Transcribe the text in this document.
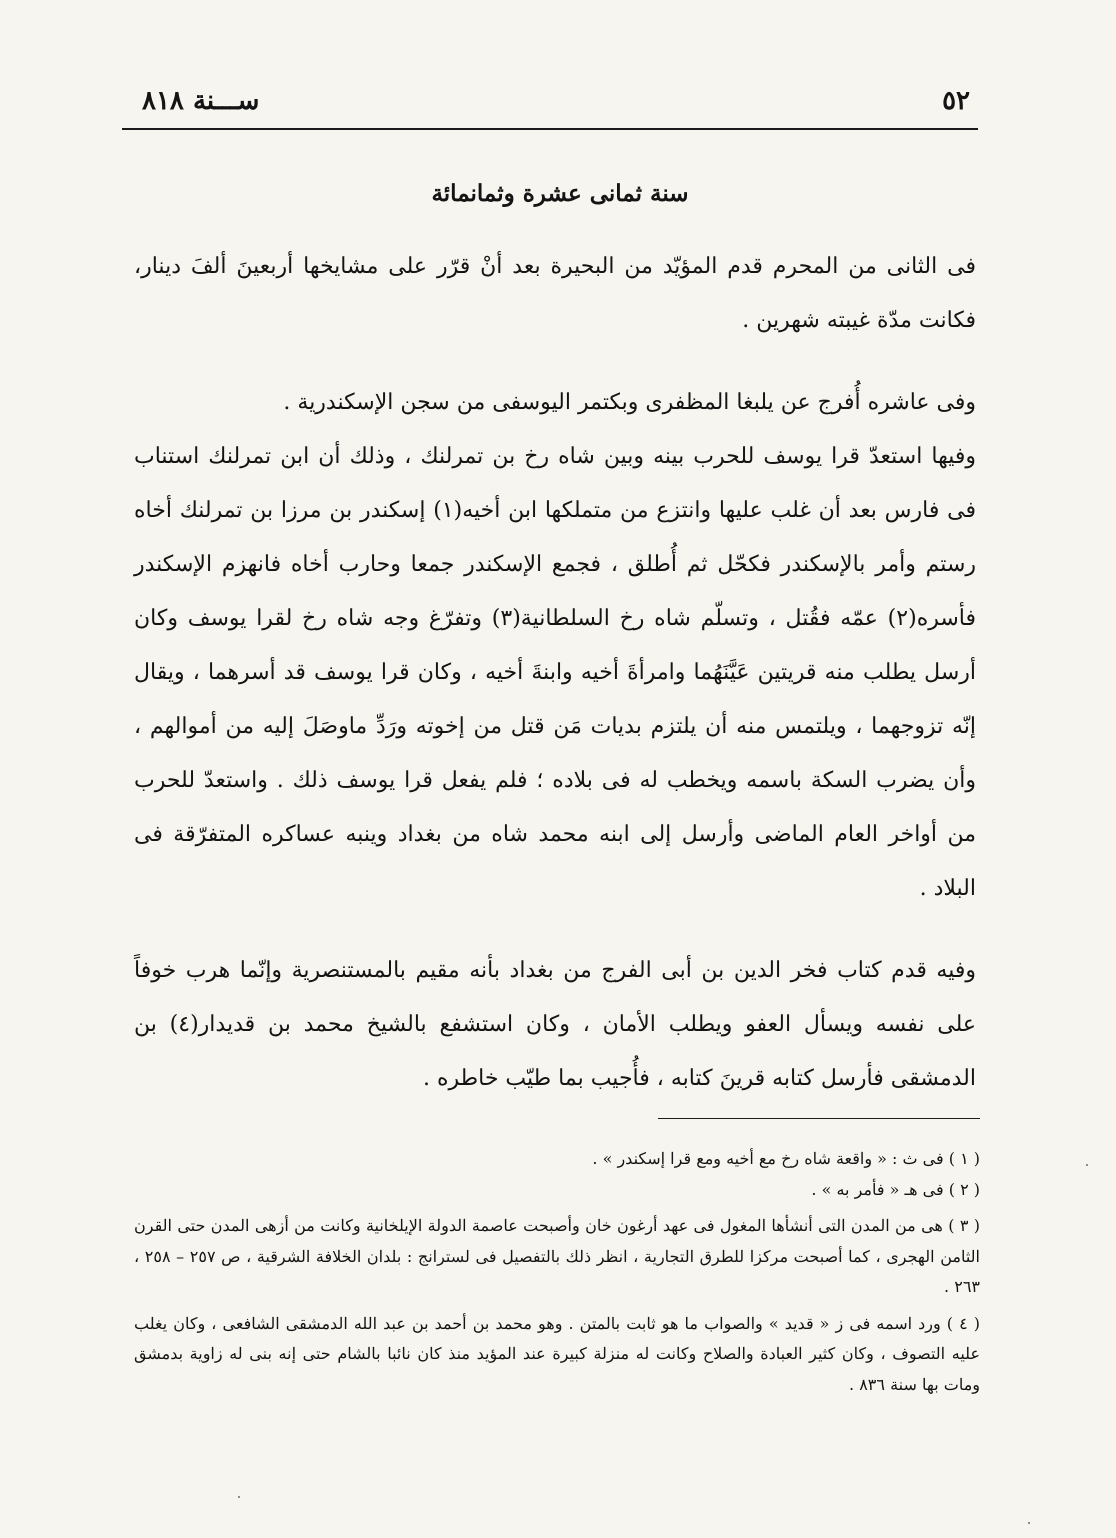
٥٢
ســـنة ٨١٨
سنة ثمانى عشرة وثمانمائة

فى الثانى من المحرم قدم المؤيّد من البحيرة بعد أنْ قرّر على مشايخها أربعينَ ألفَ دينار، فكانت مدّة غيبته شهرين .

وفى عاشره أُفرج عن يلبغا المظفرى وبكتمر اليوسفى من سجن الإسكندرية .

وفيها استعدّ قرا يوسف للحرب بينه وبين شاه رخ بن تمرلنك ، وذلك أن ابن تمرلنك استناب فى فارس بعد أن غلب عليها وانتزع من متملكها ابن أخيه(١) إسكندر بن مرزا بن تمرلنك أخاه رستم وأمر بالإسكندر فكحّل ثم أُطلق ، فجمع الإسكندر جمعا وحارب أخاه فانهزم الإسكندر فأسره(٢) عمّه فقُتل ، وتسلّم شاه رخ السلطانية(٣) وتفرّغ وجه شاه رخ لقرا يوسف وكان أرسل يطلب منه قريتين عَيَّنَهُما وامرأةَ أخيه وابنةَ أخيه ، وكان قرا يوسف قد أسرهما ، ويقال إنّه تزوجهما ، ويلتمس منه أن يلتزم بديات مَن قتل من إخوته ورَدِّ ماوصَلَ إليه من أموالهم ، وأن يضرب السكة باسمه ويخطب له فى بلاده ؛ فلم يفعل قرا يوسف ذلك . واستعدّ للحرب من أواخر العام الماضى وأرسل إلى ابنه محمد شاه من بغداد وينبه عساكره المتفرّقة فى البلاد .

وفيه قدم كتاب فخر الدين بن أبى الفرج من بغداد بأنه مقيم بالمستنصرية وإنّما هرب خوفاً على نفسه ويسأل العفو ويطلب الأمان ، وكان استشفع بالشيخ محمد بن قديدار(٤) بن الدمشقى فأرسل كتابه قرينَ كتابه ، فأُجيب بما طيّب خاطره .

( ١ ) فى ث : « واقعة شاه رخ مع أخيه ومع قرا إسكندر » .

( ٢ ) فى هـ « فأمر به » .

( ٣ ) هى من المدن التى أنشأها المغول فى عهد أرغون خان وأصبحت عاصمة الدولة الإيلخانية وكانت من أزهى المدن حتى القرن الثامن الهجرى ، كما أصبحت مركزا للطرق التجارية ، انظر ذلك بالتفصيل فى لسترانج : بلدان الخلافة الشرقية ، ص ٢٥٧ – ٢٥٨ ، ٢٦٣ .

( ٤ ) ورد اسمه فى ز « قديد » والصواب ما هو ثابت بالمتن . وهو محمد بن أحمد بن عبد الله الدمشقى الشافعى ، وكان يغلب عليه التصوف ، وكان كثير العبادة والصلاح وكانت له منزلة كبيرة عند المؤيد منذ كان نائبا بالشام حتى إنه بنى له زاوية بدمشق ومات بها سنة ٨٣٦ .
